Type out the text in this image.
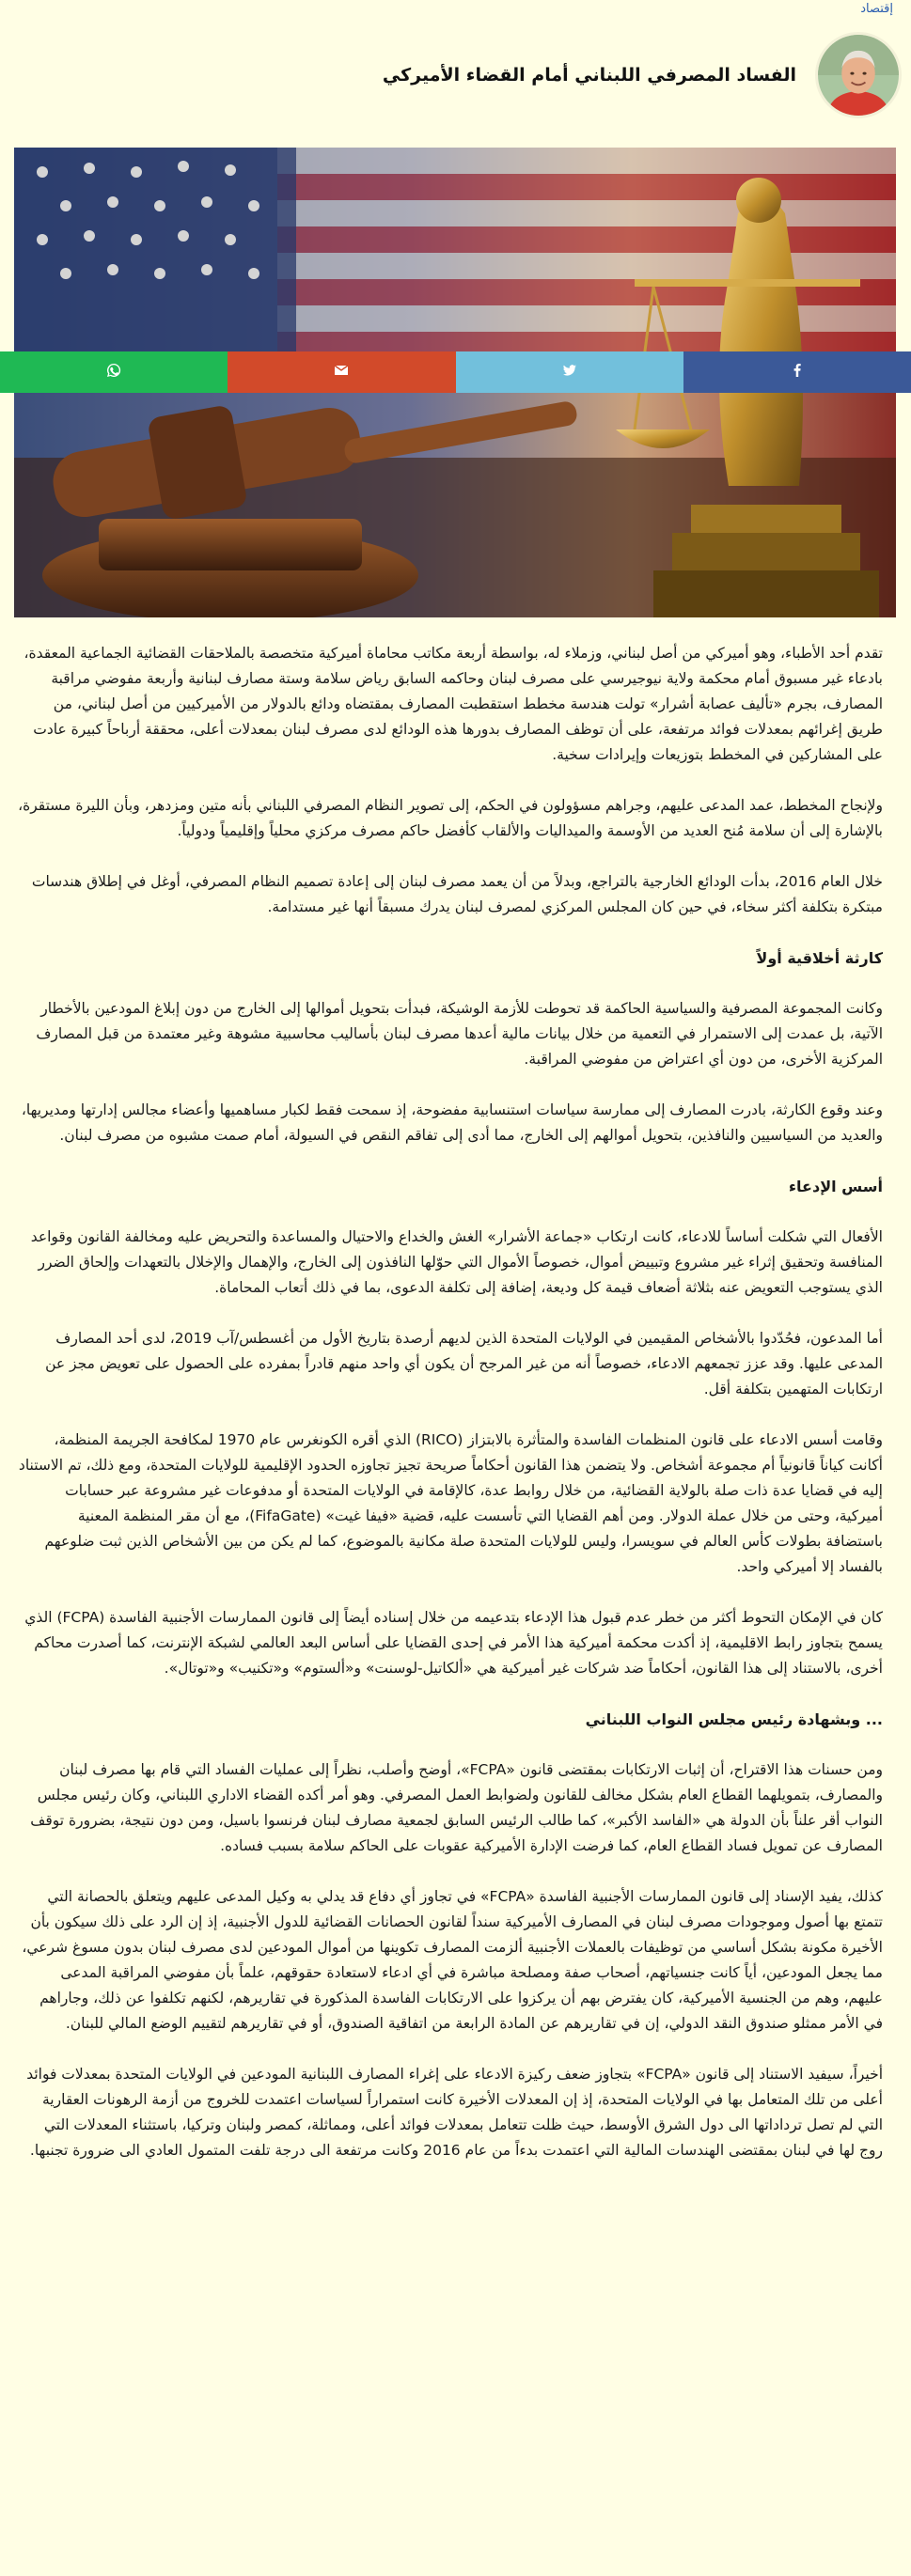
إقتصاد
الفساد المصرفي اللبناني أمام القضاء الأميركي

تقدم أحد الأطباء، وهو أميركي من أصل لبناني، وزملاء له، بواسطة أربعة مكاتب محاماة أميركية متخصصة بالملاحقات القضائية الجماعية المعقدة، بادعاء غير مسبوق أمام محكمة ولاية نيوجيرسي على مصرف لبنان وحاكمه السابق رياض سلامة وستة مصارف لبنانية وأربعة مفوضي مراقبة المصارف، بجرم «تأليف عصابة أشرار» تولت هندسة مخطط استقطبت المصارف بمقتضاه ودائع بالدولار من الأميركيين من أصل لبناني، من طريق إغرائهم بمعدلات فوائد مرتفعة، على أن توظف المصارف بدورها هذه الودائع لدى مصرف لبنان بمعدلات أعلى، محققة أرباحاً كبيرة عادت على المشاركين في المخطط بتوزيعات وإيرادات سخية.

ولإنجاح المخطط، عمد المدعى عليهم، وجراهم مسؤولون في الحكم، إلى تصوير النظام المصرفي اللبناني بأنه متين ومزدهر، وبأن الليرة مستقرة، بالإشارة إلى أن سلامة مُنح العديد من الأوسمة والميداليات والألقاب كأفضل حاكم مصرف مركزي محلياً وإقليمياً ودولياً.

خلال العام 2016، بدأت الودائع الخارجية بالتراجع، وبدلاً من أن يعمد مصرف لبنان إلى إعادة تصميم النظام المصرفي، أوغل في إطلاق هندسات مبتكرة بتكلفة أكثر سخاء، في حين كان المجلس المركزي لمصرف لبنان يدرك مسبقاً أنها غير مستدامة.

كارثة أخلاقية أولاً

وكانت المجموعة المصرفية والسياسية الحاكمة قد تحوطت للأزمة الوشيكة، فبدأت بتحويل أموالها إلى الخارج من دون إبلاغ المودعين بالأخطار الآتية، بل عمدت إلى الاستمرار في التعمية من خلال بيانات مالية أعدها مصرف لبنان بأساليب محاسبية مشوهة وغير معتمدة من قبل المصارف المركزية الأخرى، من دون أي اعتراض من مفوضي المراقبة.

وعند وقوع الكارثة، بادرت المصارف إلى ممارسة سياسات استنسابية مفضوحة، إذ سمحت فقط لكبار مساهميها وأعضاء مجالس إدارتها ومديريها، والعديد من السياسيين والنافذين، بتحويل أموالهم إلى الخارج، مما أدى إلى تفاقم النقص في السيولة، أمام صمت مشبوه من مصرف لبنان.

أسس الإدعاء

الأفعال التي شكلت أساساً للادعاء، كانت ارتكاب «جماعة الأشرار» الغش والخداع والاحتيال والمساعدة والتحريض عليه ومخالفة القانون وقواعد المنافسة وتحقيق إثراء غير مشروع وتبييض أموال، خصوصاً الأموال التي حوّلها النافذون إلى الخارج، والإهمال والإخلال بالتعهدات وإلحاق الضرر الذي يستوجب التعويض عنه بثلاثة أضعاف قيمة كل وديعة، إضافة إلى تكلفة الدعوى، بما في ذلك أتعاب المحاماة.

أما المدعون، فحُدّدوا بالأشخاص المقيمين في الولايات المتحدة الذين لديهم أرصدة بتاريخ الأول من أغسطس/آب 2019، لدى أحد المصارف المدعى عليها. وقد عزز تجمعهم الادعاء، خصوصاً أنه من غير المرجح أن يكون أي واحد منهم قادراً بمفرده على الحصول على تعويض مجز عن ارتكابات المتهمين بتكلفة أقل.

وقامت أسس الادعاء على قانون المنظمات الفاسدة والمتأثرة بالابتزاز (RICO) الذي أقره الكونغرس عام 1970 لمكافحة الجريمة المنظمة، أكانت كياناً قانونياً أم مجموعة أشخاص. ولا يتضمن هذا القانون أحكاماً صريحة تجيز تجاوزه الحدود الإقليمية للولايات المتحدة، ومع ذلك، تم الاستناد إليه في قضايا عدة ذات صلة بالولاية القضائية، من خلال روابط عدة، كالإقامة في الولايات المتحدة أو مدفوعات غير مشروعة عبر حسابات أميركية، وحتى من خلال عملة الدولار. ومن أهم القضايا التي تأسست عليه، قضية «فيفا غيت» (FifaGate)، مع أن مقر المنظمة المعنية باستضافة بطولات كأس العالم في سويسرا، وليس للولايات المتحدة صلة مكانية بالموضوع، كما لم يكن من بين الأشخاص الذين ثبت ضلوعهم بالفساد إلا أميركي واحد.

كان في الإمكان التحوط أكثر من خطر عدم قبول هذا الإدعاء بتدعيمه من خلال إسناده أيضاً إلى قانون الممارسات الأجنبية الفاسدة (FCPA) الذي يسمح بتجاوز رابط الاقليمية، إذ أكدت محكمة أميركية هذا الأمر في إحدى القضايا على أساس البعد العالمي لشبكة الإنترنت، كما أصدرت محاكم أخرى، بالاستناد إلى هذا القانون، أحكاماً ضد شركات غير أميركية هي «ألكاتيل-لوسنت» و«ألستوم» و«تكنيب» و«توتال».

... وبشهادة رئيس مجلس النواب اللبناني

ومن حسنات هذا الاقتراح، أن إثبات الارتكابات بمقتضى قانون «FCPA»، أوضح وأصلب، نظراً إلى عمليات الفساد التي قام بها مصرف لبنان والمصارف، بتمويلهما القطاع العام بشكل مخالف للقانون ولضوابط العمل المصرفي. وهو أمر أكده القضاء الاداري اللبناني، وكان رئيس مجلس النواب أقر علناً بأن الدولة هي «الفاسد الأكبر»، كما طالب الرئيس السابق لجمعية مصارف لبنان فرنسوا باسيل، ومن دون نتيجة، بضرورة توقف المصارف عن تمويل فساد القطاع العام، كما فرضت الإدارة الأميركية عقوبات على الحاكم سلامة بسبب فساده.

كذلك، يفيد الإسناد إلى قانون الممارسات الأجنبية الفاسدة «FCPA» في تجاوز أي دفاع قد يدلي به وكيل المدعى عليهم ويتعلق بالحصانة التي تتمتع بها أصول وموجودات مصرف لبنان في المصارف الأميركية سنداً لقانون الحصانات القضائية للدول الأجنبية، إذ إن الرد على ذلك سيكون بأن الأخيرة مكونة بشكل أساسي من توظيفات بالعملات الأجنبية ألزمت المصارف تكوينها من أموال المودعين لدى مصرف لبنان بدون مسوغ شرعي، مما يجعل المودعين، أياً كانت جنسياتهم، أصحاب صفة ومصلحة مباشرة في أي ادعاء لاستعادة حقوقهم، علماً بأن مفوضي المراقبة المدعى عليهم، وهم من الجنسية الأميركية، كان يفترض بهم أن يركزوا على الارتكابات الفاسدة المذكورة في تقاريرهم، لكنهم تكلفوا عن ذلك، وجاراهم في الأمر ممثلو صندوق النقد الدولي، إن في تقاريرهم عن المادة الرابعة من اتفاقية الصندوق، أو في تقاريرهم لتقييم الوضع المالي للبنان.

أخيراً، سيفيد الاستناد إلى قانون «FCPA» بتجاوز ضعف ركيزة الادعاء على إغراء المصارف اللبنانية المودعين في الولايات المتحدة بمعدلات فوائد أعلى من تلك المتعامل بها في الولايات المتحدة، إذ إن المعدلات الأخيرة كانت استمراراً لسياسات اعتمدت للخروج من أزمة الرهونات العقارية التي لم تصل ترداداتها الى دول الشرق الأوسط، حيث ظلت تتعامل بمعدلات فوائد أعلى، ومماثلة، كمصر ولبنان وتركيا، باستثناء المعدلات التي روج لها في لبنان بمقتضى الهندسات المالية التي اعتمدت بدءاً من عام 2016 وكانت مرتفعة الى درجة تلفت المتمول العادي الى ضرورة تجنبها.
